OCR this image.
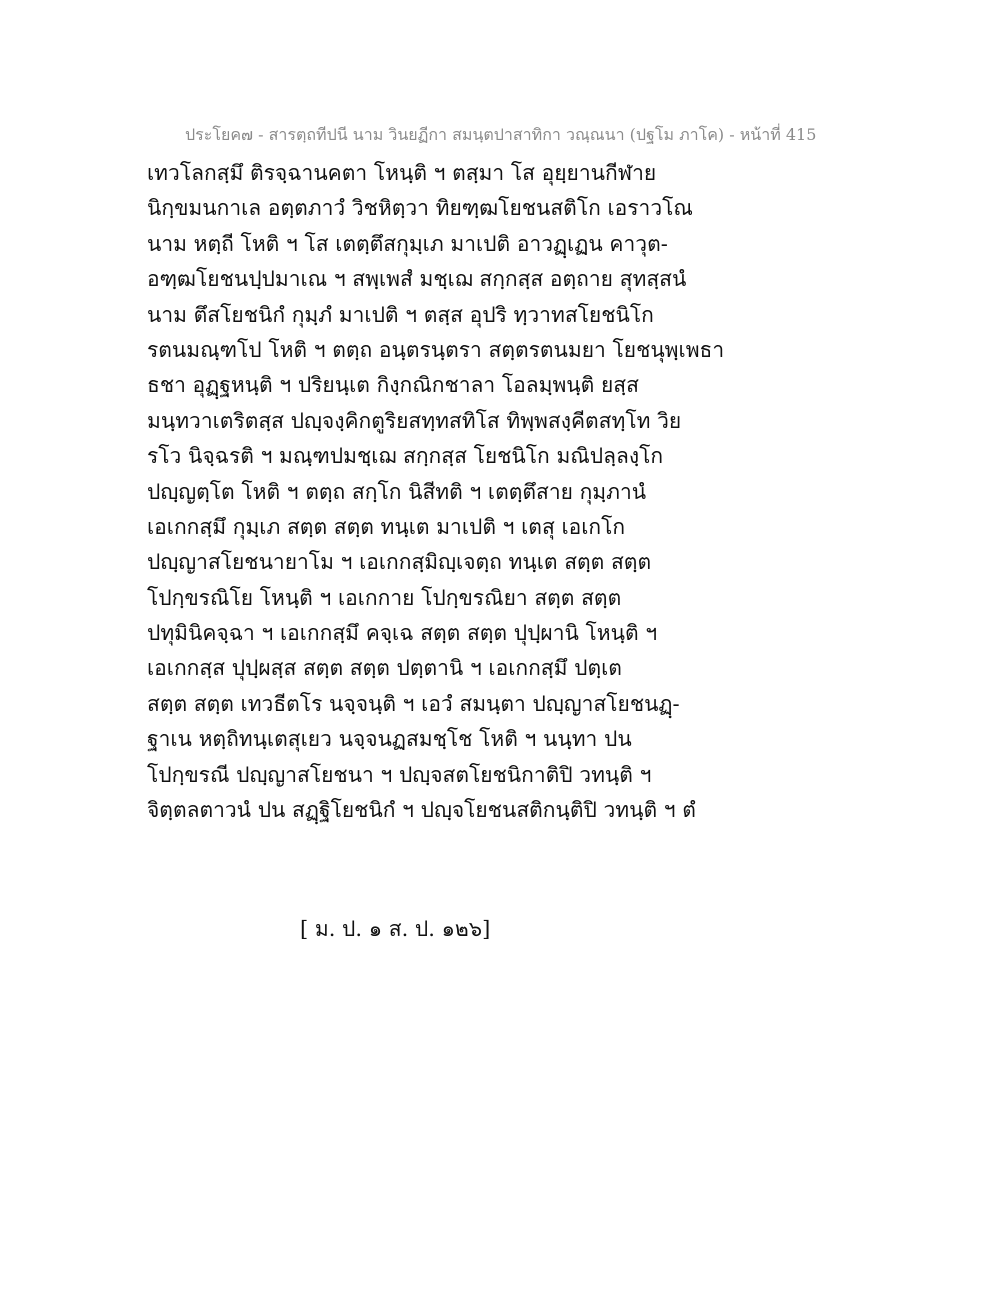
ประโยค๗ - สารตฺถทีปนี นาม วินยฏีกา สมนฺตปาสาทิกา วณฺณนา (ปฐโม ภาโค) - หน้าที่ 415
เทวโลกสฺมึ ติรจฺฉานคตา โหนฺติ ฯ ตสฺมา โส อุยฺยานกีฬาย
นิกฺขมนกาเล อตฺตภาวํ วิชหิตฺวา ทิยฑฺฒโยชนสติโก เอราวโณ
นาม หตฺถี โหติ ฯ โส เตตฺตึสกุมฺเภ มาเปติ อาวฏฺเฏน คาวุต-
อฑฺฒโยชนปฺปมาเณ ฯ สพฺเพสํ มชฺเฌ สกฺกสฺส อตฺถาย สุทสฺสนํ
นาม ตึสโยชนิกํ กุมฺภํ มาเปติ ฯ ตสฺส อุปริ ทฺวาทสโยชนิโก
รตนมณฺฑโป โหติ ฯ ตตฺถ อนฺตรนฺตรา สตฺตรตนมยา โยชนุพฺเพธา
ธชา อุฏฺฐหนฺติ ฯ ปริยนฺเต กิงฺกณิกชาลา โอลมฺพนฺติ ยสฺส
มนฺทวาเตริตสฺส ปญฺจงฺคิกตูริยสทฺทสทิโส ทิพฺพสงฺคีตสทฺโท วิย
รโว นิจฺฉรติ ฯ มณฺฑปมชฺเฌ สกฺกสฺส โยชนิโก มณิปลฺลงฺโก
ปญฺญตฺโต โหติ ฯ ตตฺถ สกฺโก นิสีทติ ฯ เตตฺตึสาย กุมฺภานํ
เอเกกสฺมึ กุมฺเภ สตฺต สตฺต ทนฺเต มาเปติ ฯ เตสุ เอเกโก
ปญฺญาสโยชนายาโม ฯ เอเกกสฺมิญฺเจตฺถ ทนฺเต สตฺต สตฺต
โปกฺขรณิโย โหนฺติ ฯ เอเกกาย โปกฺขรณิยา สตฺต สตฺต
ปทุมินิคจฺฉา ฯ เอเกกสฺมึ คจฺเฉ สตฺต สตฺต ปุปฺผานิ โหนฺติ ฯ
เอเกกสฺส ปุปฺผสฺส สตฺต สตฺต ปตฺตานิ ฯ เอเกกสฺมึ ปตฺเต
สตฺต สตฺต เทวธีตโร นจฺจนฺติ ฯ เอวํ สมนฺตา ปญฺญาสโยชนฏฺ-
ฐาเน หตฺถิทนฺเตสุเยว นจฺจนฏสมชฺโช โหติ ฯ นนฺทา ปน
โปกฺขรณี ปญฺญาสโยชนา ฯ ปญฺจสตโยชนิกาติปิ วทนฺติ ฯ
จิตฺตลตาวนํ ปน สฏฺฐิโยชนิกํ ฯ ปญฺจโยชนสติกนฺติปิ วทนฺติ ฯ ตํ
[ ม. ป. ๑ ส. ป. ๑๒๖]
